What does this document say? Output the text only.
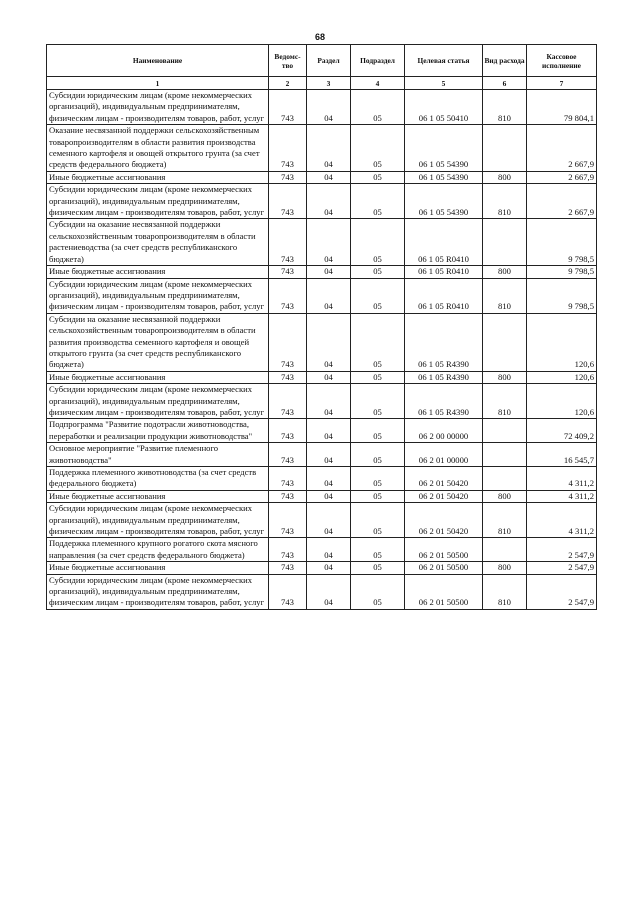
68
Наименование	Ведомс-тво	Раздел	Подраздел	Целевая статья	Вид расхода	Кассовое исполнение
1	2	3	4	5	6	7
Субсидии юридическим лицам (кроме некоммерческих организаций), индивидуальным предпринимателям, физическим лицам - производителям товаров, работ, услуг	743	04	05	06 1 05 50410	810	79 804,1
Оказание несвязанной поддержки сельскохозяйственным товаропроизводителям в области развития производства семенного картофеля и овощей открытого грунта (за счет средств федерального бюджета)	743	04	05	06 1 05 54390		2 667,9
Иные бюджетные ассигнования	743	04	05	06 1 05 54390	800	2 667,9
Субсидии юридическим лицам (кроме некоммерческих организаций), индивидуальным предпринимателям, физическим лицам - производителям товаров, работ, услуг	743	04	05	06 1 05 54390	810	2 667,9
Субсидии на оказание несвязанной поддержки сельскохозяйственным товаропроизводителям в области растениеводства (за счет средств республиканского бюджета)	743	04	05	06 1 05 R0410		9 798,5
Иные бюджетные ассигнования	743	04	05	06 1 05 R0410	800	9 798,5
Субсидии юридическим лицам (кроме некоммерческих организаций), индивидуальным предпринимателям, физическим лицам - производителям товаров, работ, услуг	743	04	05	06 1 05 R0410	810	9 798,5
Субсидии на оказание несвязанной поддержки сельскохозяйственным товаропроизводителям в области развития производства семенного картофеля и овощей открытого грунта (за счет средств республиканского бюджета)	743	04	05	06 1 05 R4390		120,6
Иные бюджетные ассигнования	743	04	05	06 1 05 R4390	800	120,6
Субсидии юридическим лицам (кроме некоммерческих организаций), индивидуальным предпринимателям, физическим лицам - производителям товаров, работ, услуг	743	04	05	06 1 05 R4390	810	120,6
Подпрограмма "Развитие подотрасли животноводства, переработки и реализации продукции животноводства"	743	04	05	06 2 00 00000		72 409,2
Основное мероприятие "Развитие племенного животноводства"	743	04	05	06 2 01 00000		16 545,7
Поддержка племенного животноводства (за счет средств федерального бюджета)	743	04	05	06 2 01 50420		4 311,2
Иные бюджетные ассигнования	743	04	05	06 2 01 50420	800	4 311,2
Субсидии юридическим лицам (кроме некоммерческих организаций), индивидуальным предпринимателям, физическим лицам - производителям товаров, работ, услуг	743	04	05	06 2 01 50420	810	4 311,2
Поддержка племенного крупного рогатого скота мясного направления (за счет средств федерального бюджета)	743	04	05	06 2 01 50500		2 547,9
Иные бюджетные ассигнования	743	04	05	06 2 01 50500	800	2 547,9
Субсидии юридическим лицам (кроме некоммерческих организаций), индивидуальным предпринимателям, физическим лицам - производителям товаров, работ, услуг	743	04	05	06 2 01 50500	810	2 547,9
